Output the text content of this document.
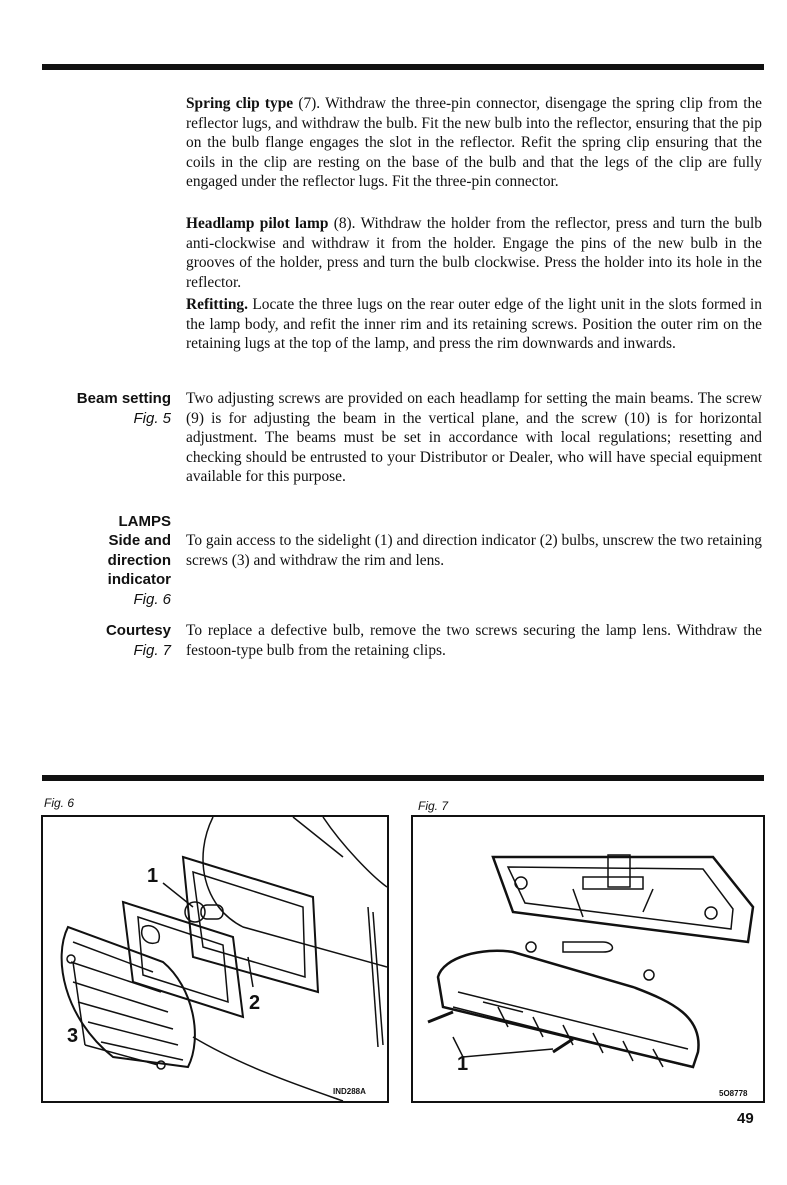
Spring clip type (7). Withdraw the three-pin connector, disengage the spring clip from the reflector lugs, and withdraw the bulb. Fit the new bulb into the reflector, ensuring that the pip on the bulb flange engages the slot in the reflector. Refit the spring clip ensuring that the coils in the clip are resting on the base of the bulb and that the legs of the clip are fully engaged under the reflector lugs. Fit the three-pin connector.
Headlamp pilot lamp (8). Withdraw the holder from the reflector, press and turn the bulb anti-clockwise and withdraw it from the holder. Engage the pins of the new bulb in the grooves of the holder, press and turn the bulb clockwise. Press the holder into its hole in the reflector.
Refitting. Locate the three lugs on the rear outer edge of the light unit in the slots formed in the lamp body, and refit the inner rim and its retaining screws. Position the outer rim on the retaining lugs at the top of the lamp, and press the rim downwards and inwards.
Beam setting
Fig. 5
Two adjusting screws are provided on each headlamp for setting the main beams. The screw (9) is for adjusting the beam in the vertical plane, and the screw (10) is for horizontal adjustment. The beams must be set in accordance with local regulations; resetting and checking should be entrusted to your Distributor or Dealer, who will have special equipment available for this purpose.
LAMPS
Side and
direction
indicator
Fig. 6
To gain access to the sidelight (1) and direction indicator (2) bulbs, unscrew the two retaining screws (3) and withdraw the rim and lens.
Courtesy
Fig. 7
To replace a defective bulb, remove the two screws securing the lamp lens. Withdraw the festoon-type bulb from the retaining clips.
Fig. 6
1
2
3
IND288A
Fig. 7
1
5O8778
49
